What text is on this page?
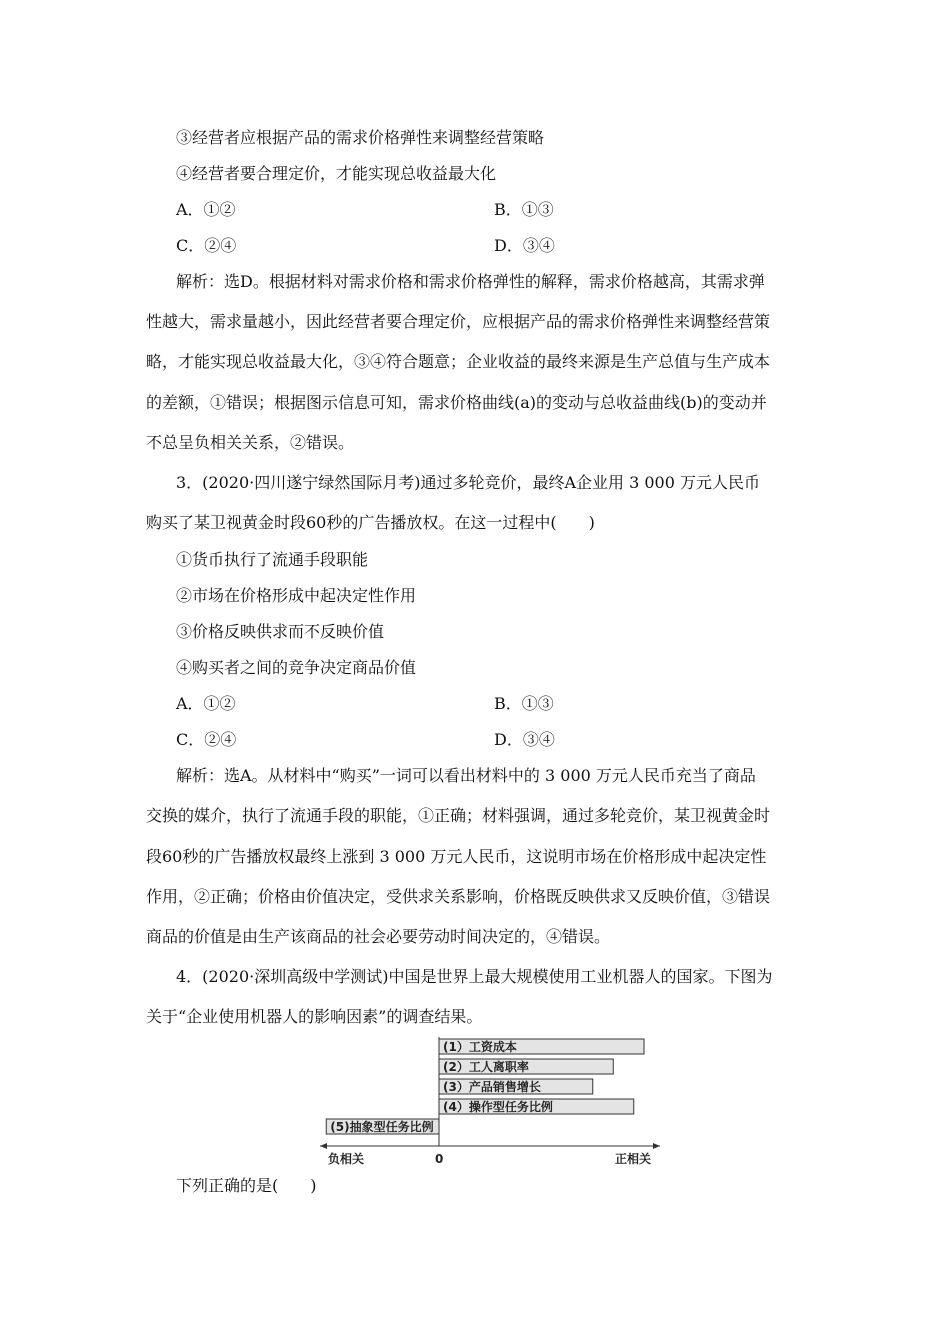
③经营者应根据产品的需求价格弹性来调整经营策略
④经营者要合理定价，才能实现总收益最大化
A．①②	B．①③
C．②④	D．③④
解析：选D。根据材料对需求价格和需求价格弹性的解释，需求价格越高，其需求弹
性越大，需求量越小，因此经营者要合理定价，应根据产品的需求价格弹性来调整经营策
略，才能实现总收益最大化，③④符合题意；企业收益的最终来源是生产总值与生产成本
的差额，①错误；根据图示信息可知，需求价格曲线(a)的变动与总收益曲线(b)的变动并
不总呈负相关关系，②错误。
3．(2020·四川遂宁绿然国际月考)通过多轮竞价，最终A企业用 3 000 万元人民币
购买了某卫视黄金时段60秒的广告播放权。在这一过程中(　　)
①货币执行了流通手段职能
②市场在价格形成中起决定性作用
③价格反映供求而不反映价值
④购买者之间的竞争决定商品价值
A．①②	B．①③
C．②④	D．③④
解析：选A。从材料中“购买”一词可以看出材料中的 3 000 万元人民币充当了商品
交换的媒介，执行了流通手段的职能，①正确；材料强调，通过多轮竞价，某卫视黄金时
段60秒的广告播放权最终上涨到 3 000 万元人民币，这说明市场在价格形成中起决定性
作用，②正确；价格由价值决定，受供求关系影响，价格既反映供求又反映价值，③错误
商品的价值是由生产该商品的社会必要劳动时间决定的，④错误。
4．(2020·深圳高级中学测试)中国是世界上最大规模使用工业机器人的国家。下图为
关于“企业使用机器人的影响因素”的调查结果。
(1）工资成本
(2）工人离职率
(3）产品销售增长
(4）操作型任务比例
(5)抽象型任务比例
负相关	0	正相关
下列正确的是(　　)
